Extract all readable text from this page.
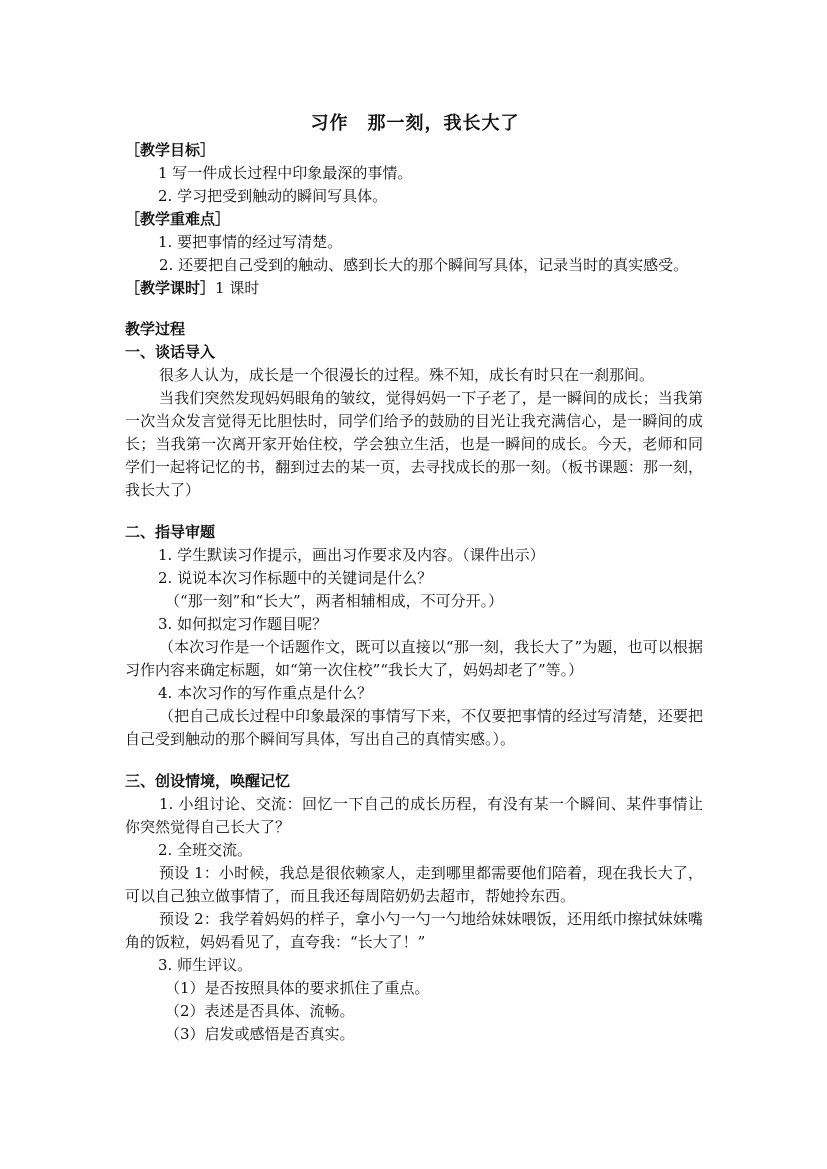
习作　那一刻，我长大了
［教学目标］
1 写一件成长过程中印象最深的事情。
2. 学习把受到触动的瞬间写具体。
［教学重难点］
1. 要把事情的经过写清楚。
2. 还要把自己受到的触动、感到长大的那个瞬间写具体，记录当时的真实感受。
［教学课时］1 课时
教学过程
一、谈话导入
很多人认为，成长是一个很漫长的过程。殊不知，成长有时只在一刹那间。
当我们突然发现妈妈眼角的皱纹，觉得妈妈一下子老了，是一瞬间的成长；当我第一次当众发言觉得无比胆怯时，同学们给予的鼓励的目光让我充满信心，是一瞬间的成长；当我第一次离开家开始住校，学会独立生活，也是一瞬间的成长。今天，老师和同学们一起将记忆的书，翻到过去的某一页，去寻找成长的那一刻。（板书课题：那一刻，我长大了）
二、指导审题
1. 学生默读习作提示，画出习作要求及内容。（课件出示）
2. 说说本次习作标题中的关键词是什么？
（“那一刻”和“长大”，两者相辅相成，不可分开。）
3. 如何拟定习作题目呢？
（本次习作是一个话题作文，既可以直接以“那一刻，我长大了”为题，也可以根据习作内容来确定标题，如“第一次住校”“我长大了，妈妈却老了”等。）
4. 本次习作的写作重点是什么？
（把自己成长过程中印象最深的事情写下来，不仅要把事情的经过写清楚，还要把自己受到触动的那个瞬间写具体，写出自己的真情实感。）。
三、创设情境，唤醒记忆
1. 小组讨论、交流：回忆一下自己的成长历程，有没有某一个瞬间、某件事情让你突然觉得自己长大了？
2. 全班交流。
预设 1：小时候，我总是很依赖家人，走到哪里都需要他们陪着，现在我长大了，可以自己独立做事情了，而且我还每周陪奶奶去超市，帮她拎东西。
预设 2：我学着妈妈的样子，拿小勺一勺一勺地给妹妹喂饭，还用纸巾擦拭妹妹嘴角的饭粒，妈妈看见了，直夸我：“长大了！”
3. 师生评议。
（1）是否按照具体的要求抓住了重点。
（2）表述是否具体、流畅。
（3）启发或感悟是否真实。
